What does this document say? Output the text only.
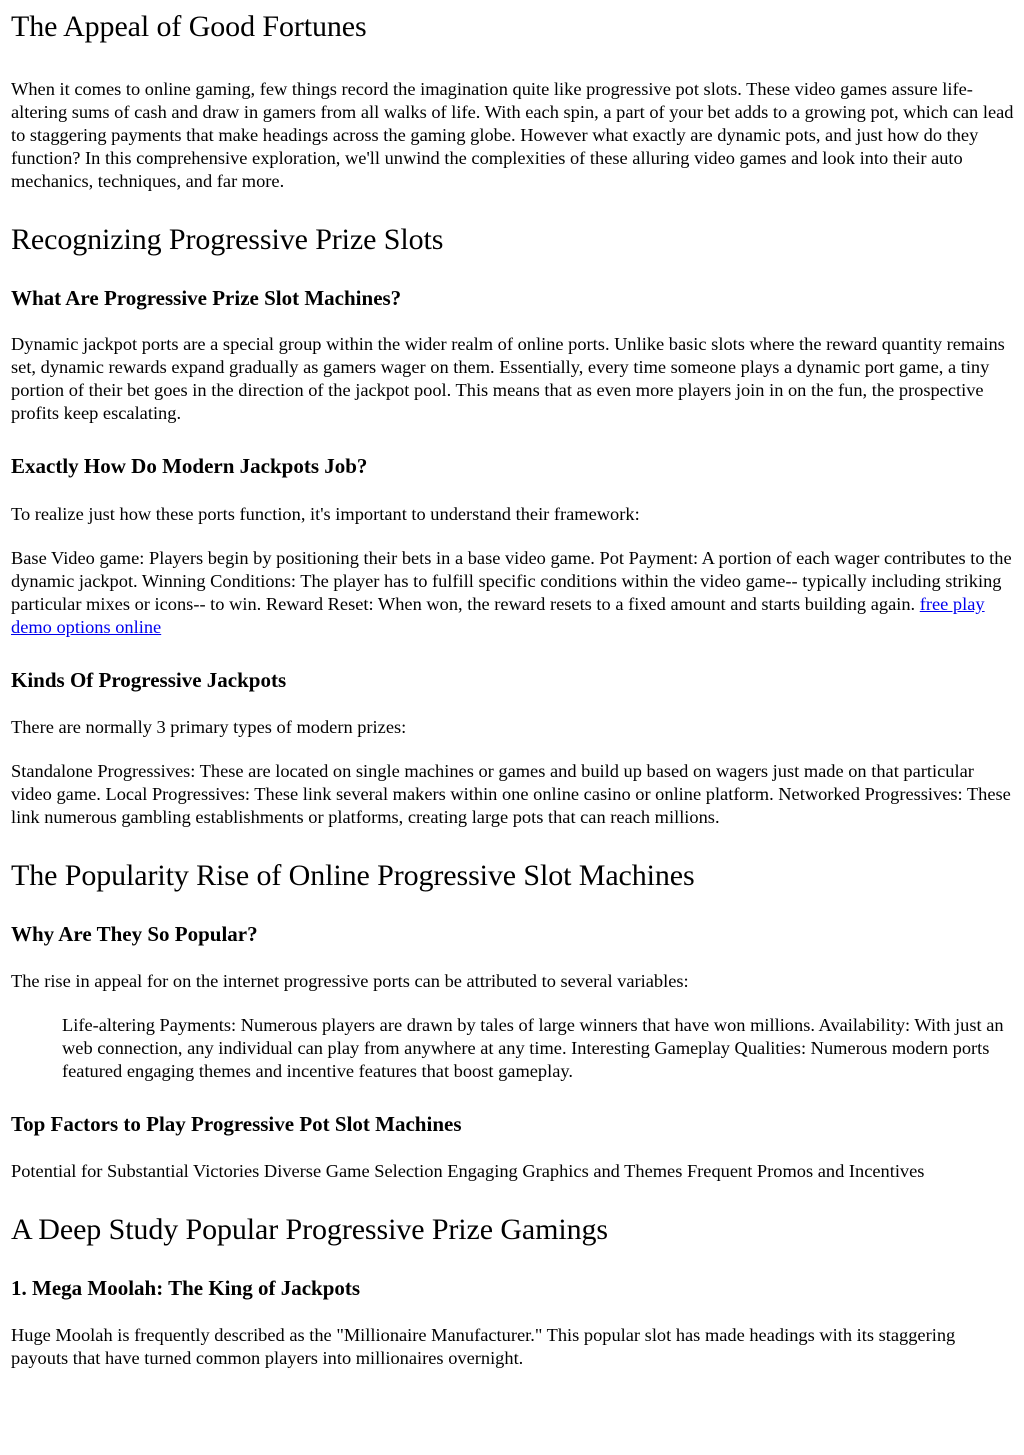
The Appeal of Good Fortunes

When it comes to online gaming, few things record the imagination quite like progressive pot slots. These video games assure life-altering sums of cash and draw in gamers from all walks of life. With each spin, a part of your bet adds to a growing pot, which can lead to staggering payments that make headings across the gaming globe. However what exactly are dynamic pots, and just how do they function? In this comprehensive exploration, we'll unwind the complexities of these alluring video games and look into their auto mechanics, techniques, and far more.

Recognizing Progressive Prize Slots
What Are Progressive Prize Slot Machines?

Dynamic jackpot ports are a special group within the wider realm of online ports. Unlike basic slots where the reward quantity remains set, dynamic rewards expand gradually as gamers wager on them. Essentially, every time someone plays a dynamic port game, a tiny portion of their bet goes in the direction of the jackpot pool. This means that as even more players join in on the fun, the prospective profits keep escalating.

Exactly How Do Modern Jackpots Job?

To realize just how these ports function, it's important to understand their framework:

Base Video game: Players begin by positioning their bets in a base video game. Pot Payment: A portion of each wager contributes to the dynamic jackpot. Winning Conditions: The player has to fulfill specific conditions within the video game-- typically including striking particular mixes or icons-- to win. Reward Reset: When won, the reward resets to a fixed amount and starts building again. free play demo options online

Kinds Of Progressive Jackpots

There are normally 3 primary types of modern prizes:

Standalone Progressives: These are located on single machines or games and build up based on wagers just made on that particular video game. Local Progressives: These link several makers within one online casino or online platform. Networked Progressives: These link numerous gambling establishments or platforms, creating large pots that can reach millions.

The Popularity Rise of Online Progressive Slot Machines
Why Are They So Popular?

The rise in appeal for on the internet progressive ports can be attributed to several variables:

Life-altering Payments: Numerous players are drawn by tales of large winners that have won millions. Availability: With just an web connection, any individual can play from anywhere at any time. Interesting Gameplay Qualities: Numerous modern ports featured engaging themes and incentive features that boost gameplay.

Top Factors to Play Progressive Pot Slot Machines

Potential for Substantial Victories Diverse Game Selection Engaging Graphics and Themes Frequent Promos and Incentives

A Deep Study Popular Progressive Prize Gamings
1. Mega Moolah: The King of Jackpots

Huge Moolah is frequently described as the "Millionaire Manufacturer." This popular slot has made headings with its staggering payouts that have turned common players into millionaires overnight.
